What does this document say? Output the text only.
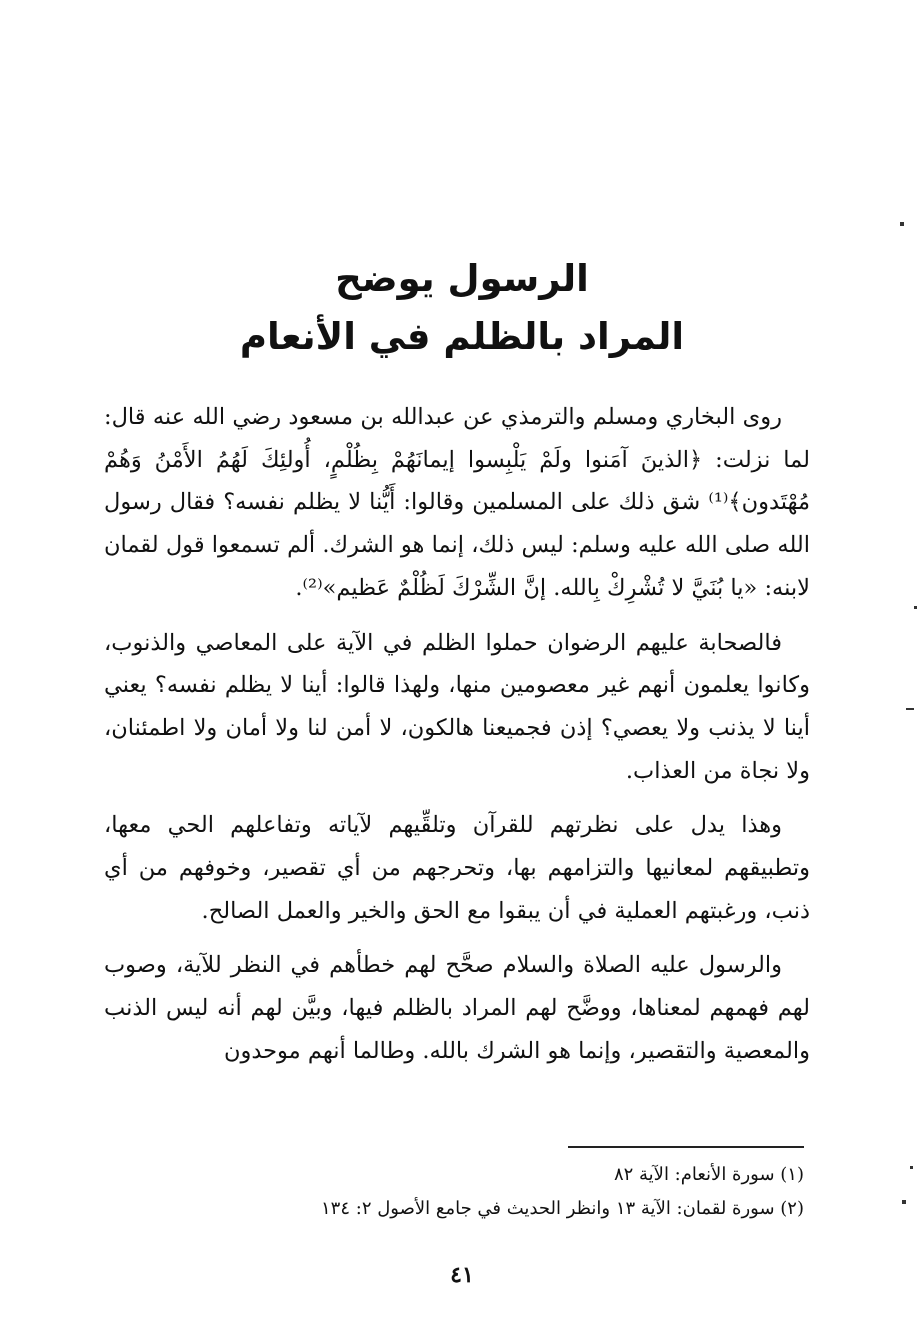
الرسول يوضح
المراد بالظلم في الأنعام

روى البخاري ومسلم والترمذي عن عبدالله بن مسعود رضي الله عنه قال: لما نزلت: ﴿الذينَ آمَنوا ولَمْ يَلْبِسوا إيمانَهُمْ بِظُلْمٍ، أُولئِكَ لَهُمُ الأَمْنُ وَهُمْ مُهْتَدون﴾⁽¹⁾ شق ذلك على المسلمين وقالوا: أَيُّنا لا يظلم نفسه؟ فقال رسول الله صلى الله عليه وسلم: ليس ذلك، إنما هو الشرك. ألم تسمعوا قول لقمان لابنه: «يا بُنَيَّ لا تُشْرِكْ بِالله. إنَّ الشِّرْكَ لَظُلْمٌ عَظيم»⁽²⁾.

فالصحابة عليهم الرضوان حملوا الظلم في الآية على المعاصي والذنوب، وكانوا يعلمون أنهم غير معصومين منها، ولهذا قالوا: أينا لا يظلم نفسه؟ يعني أينا لا يذنب ولا يعصي؟ إذن فجميعنا هالكون، لا أمن لنا ولا أمان ولا اطمئنان، ولا نجاة من العذاب.

وهذا يدل على نظرتهم للقرآن وتلقِّيهم لآياته وتفاعلهم الحي معها، وتطبيقهم لمعانيها والتزامهم بها، وتحرجهم من أي تقصير، وخوفهم من أي ذنب، ورغبتهم العملية في أن يبقوا مع الحق والخير والعمل الصالح.

والرسول عليه الصلاة والسلام صحَّح لهم خطأهم في النظر للآية، وصوب لهم فهمهم لمعناها، ووضَّح لهم المراد بالظلم فيها، وبيَّن لهم أنه ليس الذنب والمعصية والتقصير، وإنما هو الشرك بالله. وطالما أنهم موحدون

(١) سورة الأنعام: الآية ٨٢

(٢) سورة لقمان: الآية ١٣ وانظر الحديث في جامع الأصول ٢: ١٣٤

٤١
